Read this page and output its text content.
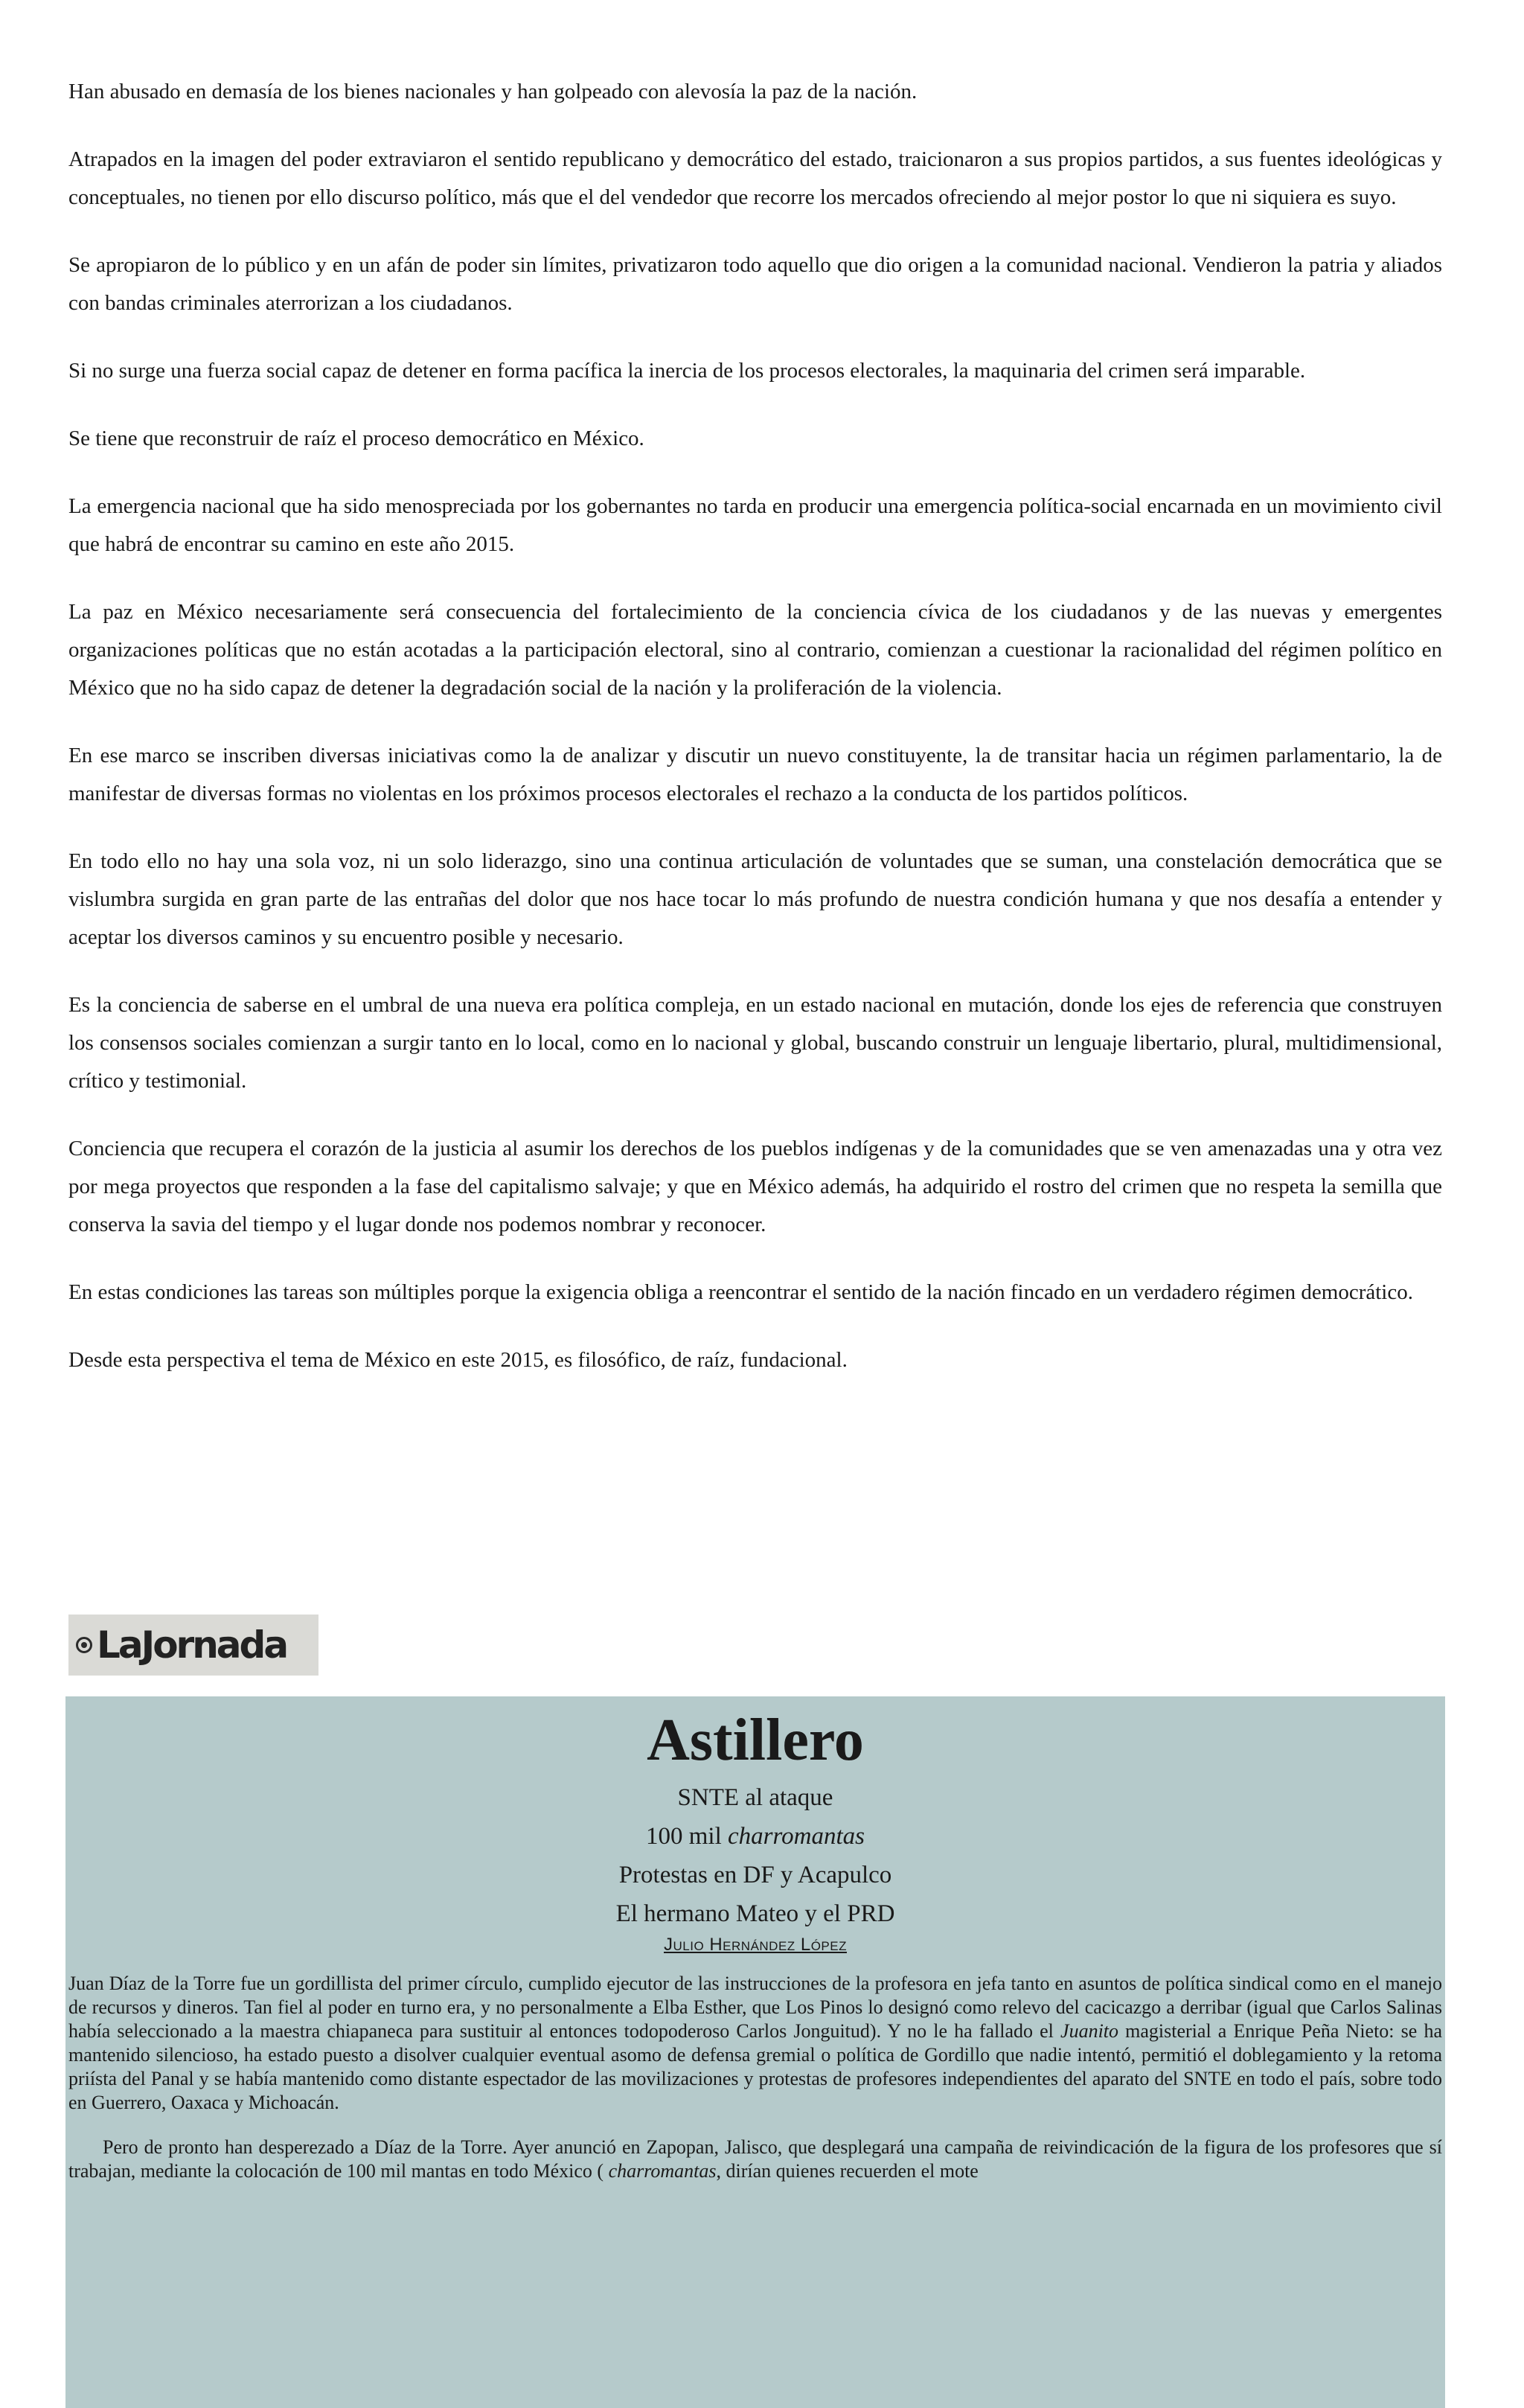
Han abusado en demasía de los bienes nacionales y han golpeado con alevosía la paz de la nación.

Atrapados en la imagen del poder extraviaron el sentido republicano y democrático del estado, traicionaron a sus propios partidos, a sus fuentes ideológicas y conceptuales, no tienen por ello discurso político, más que el del vendedor que recorre los mercados ofreciendo al mejor postor lo que ni siquiera es suyo.

Se apropiaron de lo público y en un afán de poder sin límites, privatizaron todo aquello que dio origen a la comunidad nacional. Vendieron la patria y aliados con bandas criminales aterrorizan a los ciudadanos.

Si no surge una fuerza social capaz de detener en forma pacífica la inercia de los procesos electorales, la maquinaria del crimen será imparable.

Se tiene que reconstruir de raíz el proceso democrático en México.

La emergencia nacional que ha sido menospreciada por los gobernantes no tarda en producir una emergencia política-social encarnada en un movimiento civil que habrá de encontrar su camino en este año 2015.

La paz en México necesariamente será consecuencia del fortalecimiento de la conciencia cívica de los ciudadanos y de las nuevas y emergentes organizaciones políticas que no están acotadas a la participación electoral, sino al contrario, comienzan a cuestionar la racionalidad del régimen político en México que no ha sido capaz de detener la degradación social de la nación y la proliferación de la violencia.

En ese marco se inscriben diversas iniciativas como la de analizar y discutir un nuevo constituyente, la de transitar hacia un régimen parlamentario, la de manifestar de diversas formas no violentas en los próximos procesos electorales el rechazo a la conducta de los partidos políticos.

En todo ello no hay una sola voz, ni un solo liderazgo, sino una continua articulación de voluntades que se suman, una constelación democrática que se vislumbra surgida en gran parte de las entrañas del dolor que nos hace tocar lo más profundo de nuestra condición humana y que nos desafía a entender y aceptar los diversos caminos y su encuentro posible y necesario.

Es la conciencia de saberse en el umbral de una nueva era política compleja, en un estado nacional en mutación, donde los ejes de referencia que construyen los consensos sociales comienzan a surgir tanto en lo local, como en lo nacional y global, buscando construir un lenguaje libertario, plural, multidimensional, crítico y testimonial.

Conciencia que recupera el corazón de la justicia al asumir los derechos de los pueblos indígenas y de la comunidades que se ven amenazadas una y otra vez por mega proyectos que responden a la fase del capitalismo salvaje; y que en México además, ha adquirido el rostro del crimen que no respeta la semilla que conserva la savia del tiempo y el lugar donde nos podemos nombrar y reconocer.

En estas condiciones las tareas son múltiples porque la exigencia obliga a reencontrar el sentido de la nación fincado en un verdadero régimen democrático.

Desde esta perspectiva el tema de México en este 2015, es filosófico, de raíz, fundacional.

LaJornada
Astillero
SNTE al ataque
100 mil charromantas
Protestas en DF y Acapulco
El hermano Mateo y el PRD
Julio Hernández López

Juan Díaz de la Torre fue un gordillista del primer círculo, cumplido ejecutor de las instrucciones de la profesora en jefa tanto en asuntos de política sindical como en el manejo de recursos y dineros. Tan fiel al poder en turno era, y no personalmente a Elba Esther, que Los Pinos lo designó como relevo del cacicazgo a derribar (igual que Carlos Salinas había seleccionado a la maestra chiapaneca para sustituir al entonces todopoderoso Carlos Jonguitud). Y no le ha fallado el Juanito magisterial a Enrique Peña Nieto: se ha mantenido silencioso, ha estado puesto a disolver cualquier eventual asomo de defensa gremial o política de Gordillo que nadie intentó, permitió el doblegamiento y la retoma priísta del Panal y se había mantenido como distante espectador de las movilizaciones y protestas de profesores independientes del aparato del SNTE en todo el país, sobre todo en Guerrero, Oaxaca y Michoacán.

Pero de pronto han desperezado a Díaz de la Torre. Ayer anunció en Zapopan, Jalisco, que desplegará una campaña de reivindicación de la figura de los profesores que sí trabajan, mediante la colocación de 100 mil mantas en todo México ( charromantas, dirían quienes recuerden el mote
